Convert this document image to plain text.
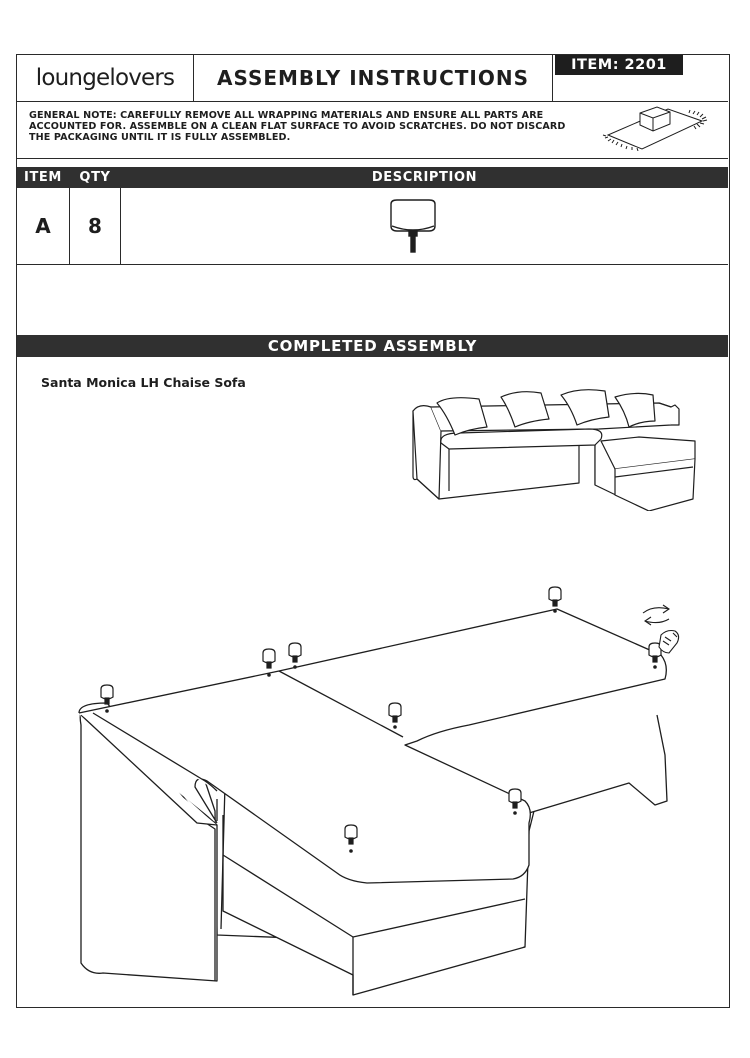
loungelovers ASSEMBLY INSTRUCTIONS
ITEM: 2201
GENERAL NOTE: CAREFULLY REMOVE ALL WRAPPING MATERIALS AND ENSURE ALL PARTS ARE ACCOUNTED FOR. ASSEMBLE ON A CLEAN FLAT SURFACE TO AVOID SCRATCHES. DO NOT DISCARD THE PACKAGING UNTIL IT IS FULLY ASSEMBLED.
ITEM	QTY	DESCRIPTION
A	8
COMPLETED ASSEMBLY
Santa Monica LH Chaise Sofa
